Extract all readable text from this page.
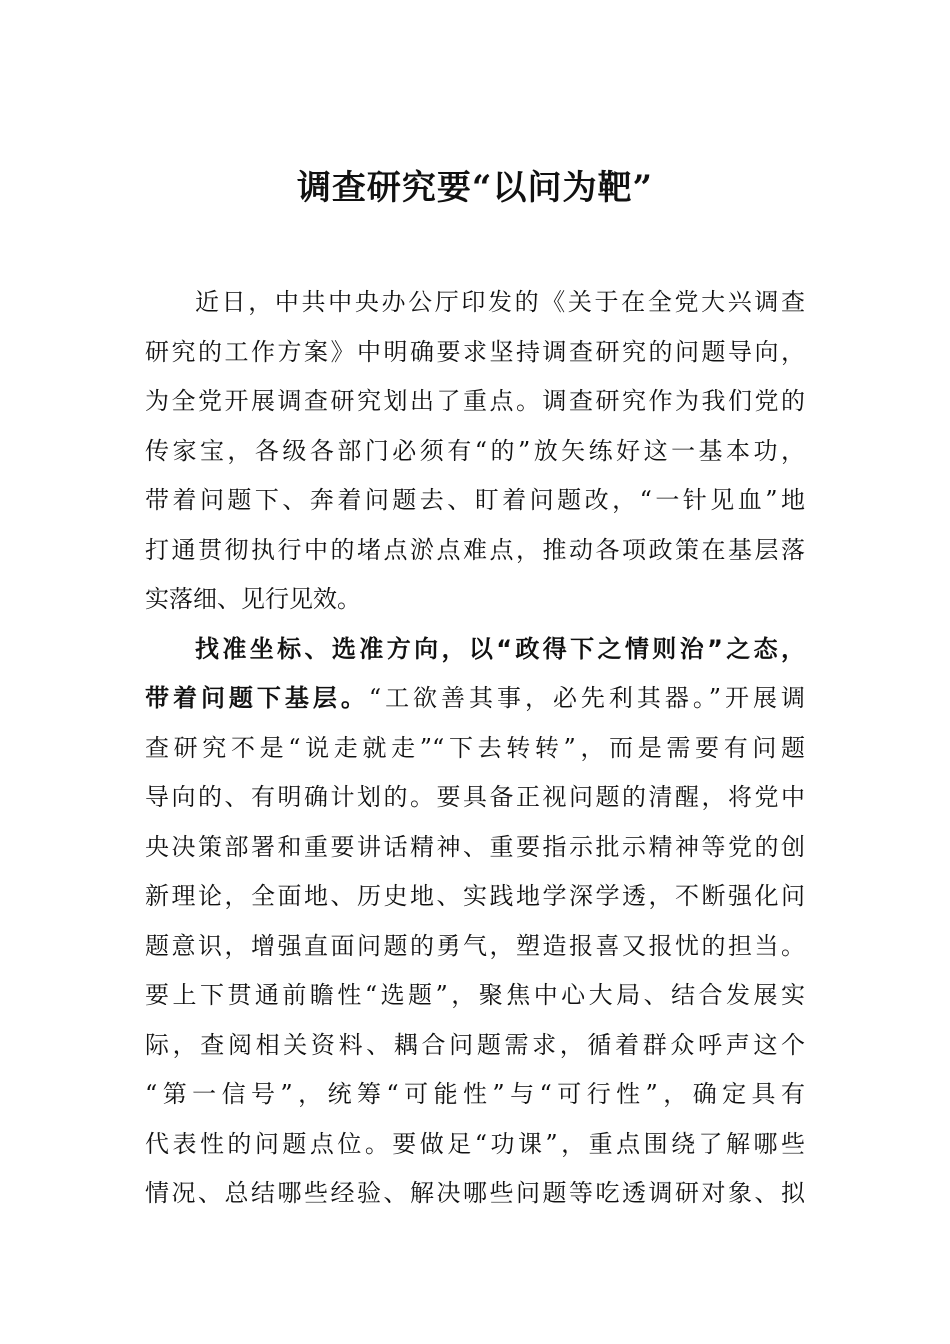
调查研究要“以问为靶”
近日，中共中央办公厅印发的《关于在全党大兴调查
研究的工作方案》中明确要求坚持调查研究的问题导向，
为全党开展调查研究划出了重点。调查研究作为我们党的
传家宝，各级各部门必须有“的”放矢练好这一基本功，
带着问题下、奔着问题去、盯着问题改，“一针见血”地
打通贯彻执行中的堵点淤点难点，推动各项政策在基层落
实落细、见行见效。
找准坐标、选准方向，以“政得下之情则治”之态，
带着问题下基层。“工欲善其事，必先利其器。”开展调
查研究不是“说走就走”“下去转转”，而是需要有问题
导向的、有明确计划的。要具备正视问题的清醒，将党中
央决策部署和重要讲话精神、重要指示批示精神等党的创
新理论，全面地、历史地、实践地学深学透，不断强化问
题意识，增强直面问题的勇气，塑造报喜又报忧的担当。
要上下贯通前瞻性“选题”，聚焦中心大局、结合发展实
际，查阅相关资料、耦合问题需求，循着群众呼声这个
“第一信号”，统筹“可能性”与“可行性”，确定具有
代表性的问题点位。要做足“功课”，重点围绕了解哪些
情况、总结哪些经验、解决哪些问题等吃透调研对象、拟
